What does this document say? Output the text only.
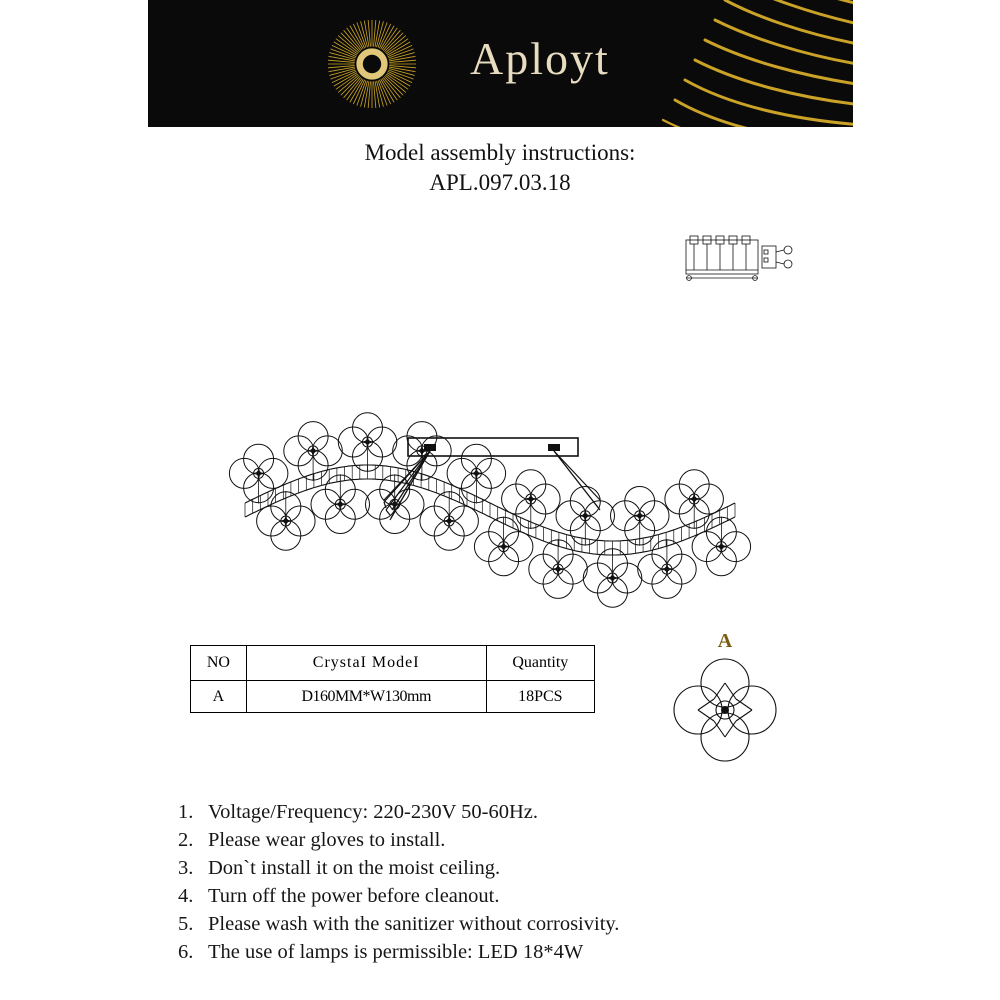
Aployt
Model assembly instructions:
APL.097.03.18
NO	CrystaI ModeI	Quantity
A	D160MM*W130mm	18PCS
A
1. Voltage/Frequency: 220-230V 50-60Hz.
2. Please wear gloves to install.
3. Don`t install it on the moist ceiling.
4. Turn off the power before cleanout.
5. Please wash with the sanitizer without corrosivity.
6. The use of lamps is permissible: LED 18*4W
